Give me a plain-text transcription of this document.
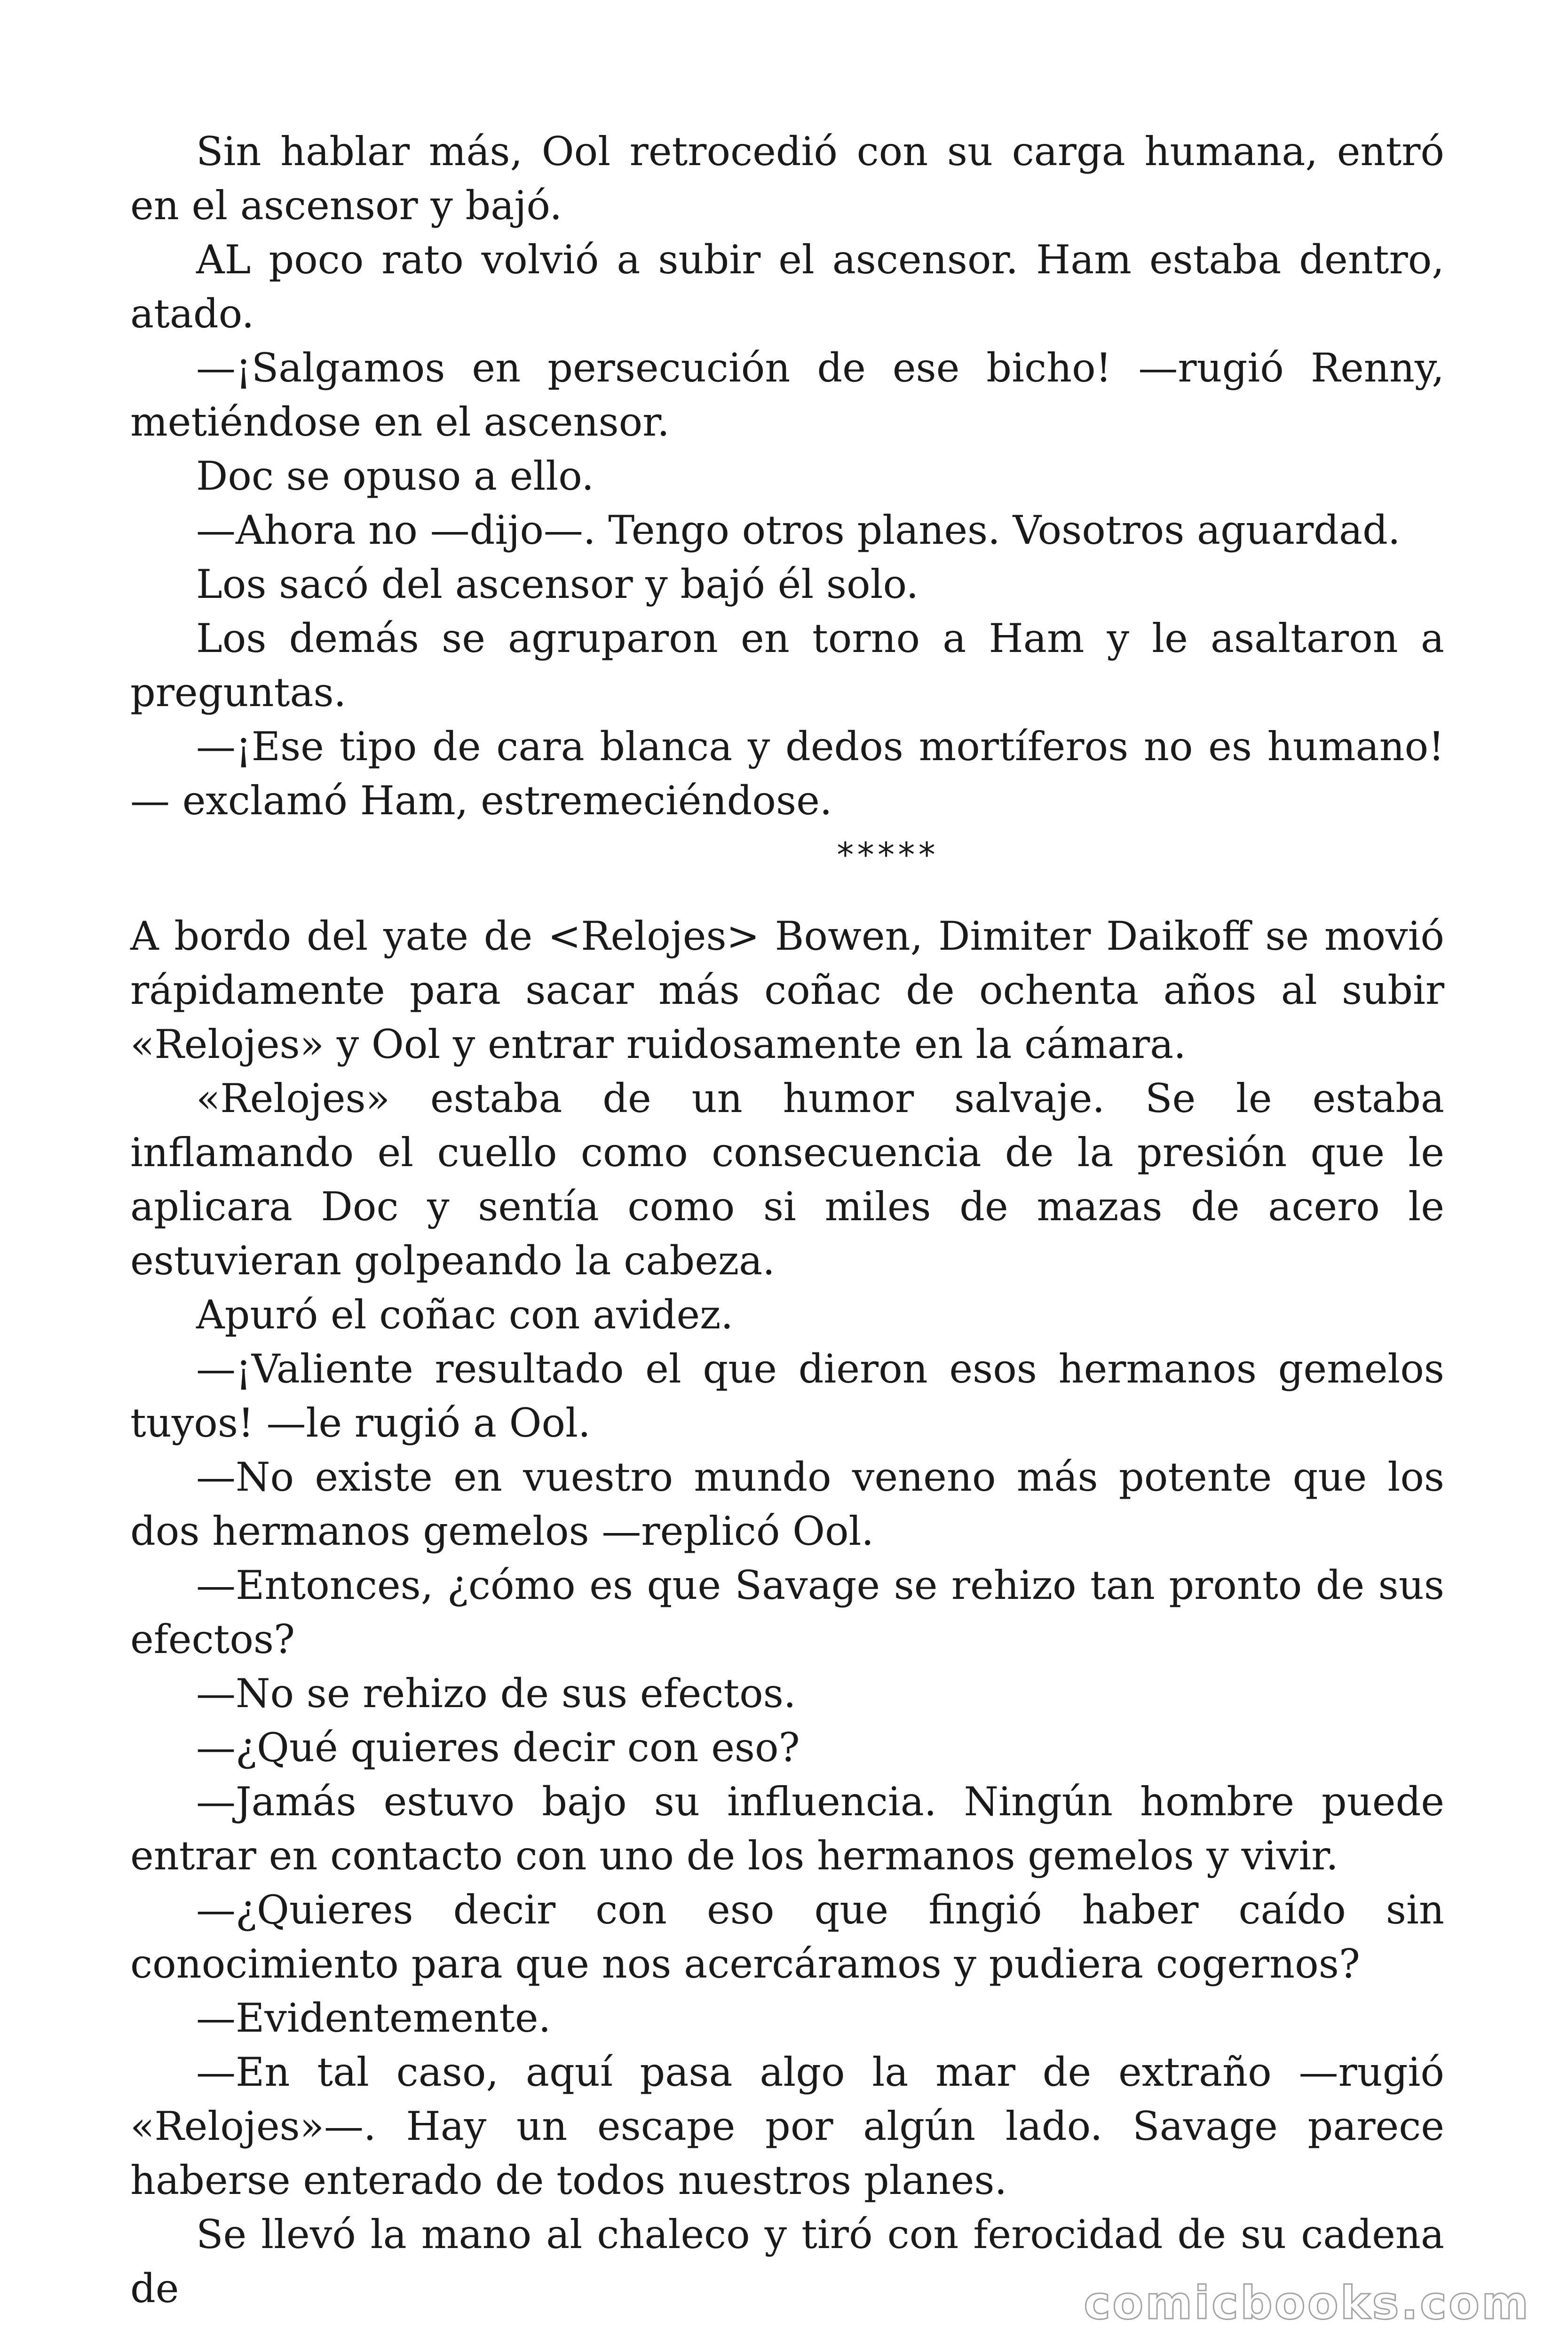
Sin hablar más, Ool retrocedió con su carga humana, entró en el ascensor y bajó.

AL poco rato volvió a subir el ascensor. Ham estaba dentro, atado.

—¡Salgamos en persecución de ese bicho! —rugió Renny, metiéndose en el ascensor.

Doc se opuso a ello.

—Ahora no —dijo—. Tengo otros planes. Vosotros aguardad.

Los sacó del ascensor y bajó él solo.

Los demás se agruparon en torno a Ham y le asaltaron a preguntas.

—¡Ese tipo de cara blanca y dedos mortíferos no es humano! — exclamó Ham, estremeciéndose.

*****

A bordo del yate de <Relojes> Bowen, Dimiter Daikoff se movió rápidamente para sacar más coñac de ochenta años al subir «Relojes» y Ool y entrar ruidosamente en la cámara.

«Relojes» estaba de un humor salvaje. Se le estaba inflamando el cuello como consecuencia de la presión que le aplicara Doc y sentía como si miles de mazas de acero le estuvieran golpeando la cabeza.

Apuró el coñac con avidez.

—¡Valiente resultado el que dieron esos hermanos gemelos tuyos! —le rugió a Ool.

—No existe en vuestro mundo veneno más potente que los dos hermanos gemelos —replicó Ool.

—Entonces, ¿cómo es que Savage se rehizo tan pronto de sus efectos?

—No se rehizo de sus efectos.

—¿Qué quieres decir con eso?

—Jamás estuvo bajo su influencia. Ningún hombre puede entrar en contacto con uno de los hermanos gemelos y vivir.

—¿Quieres decir con eso que fingió haber caído sin conocimiento para que nos acercáramos y pudiera cogernos?

—Evidentemente.

—En tal caso, aquí pasa algo la mar de extraño —rugió «Relojes»—. Hay un escape por algún lado. Savage parece haberse enterado de todos nuestros planes.

Se llevó la mano al chaleco y tiró con ferocidad de su cadena de	comicbooks.com
